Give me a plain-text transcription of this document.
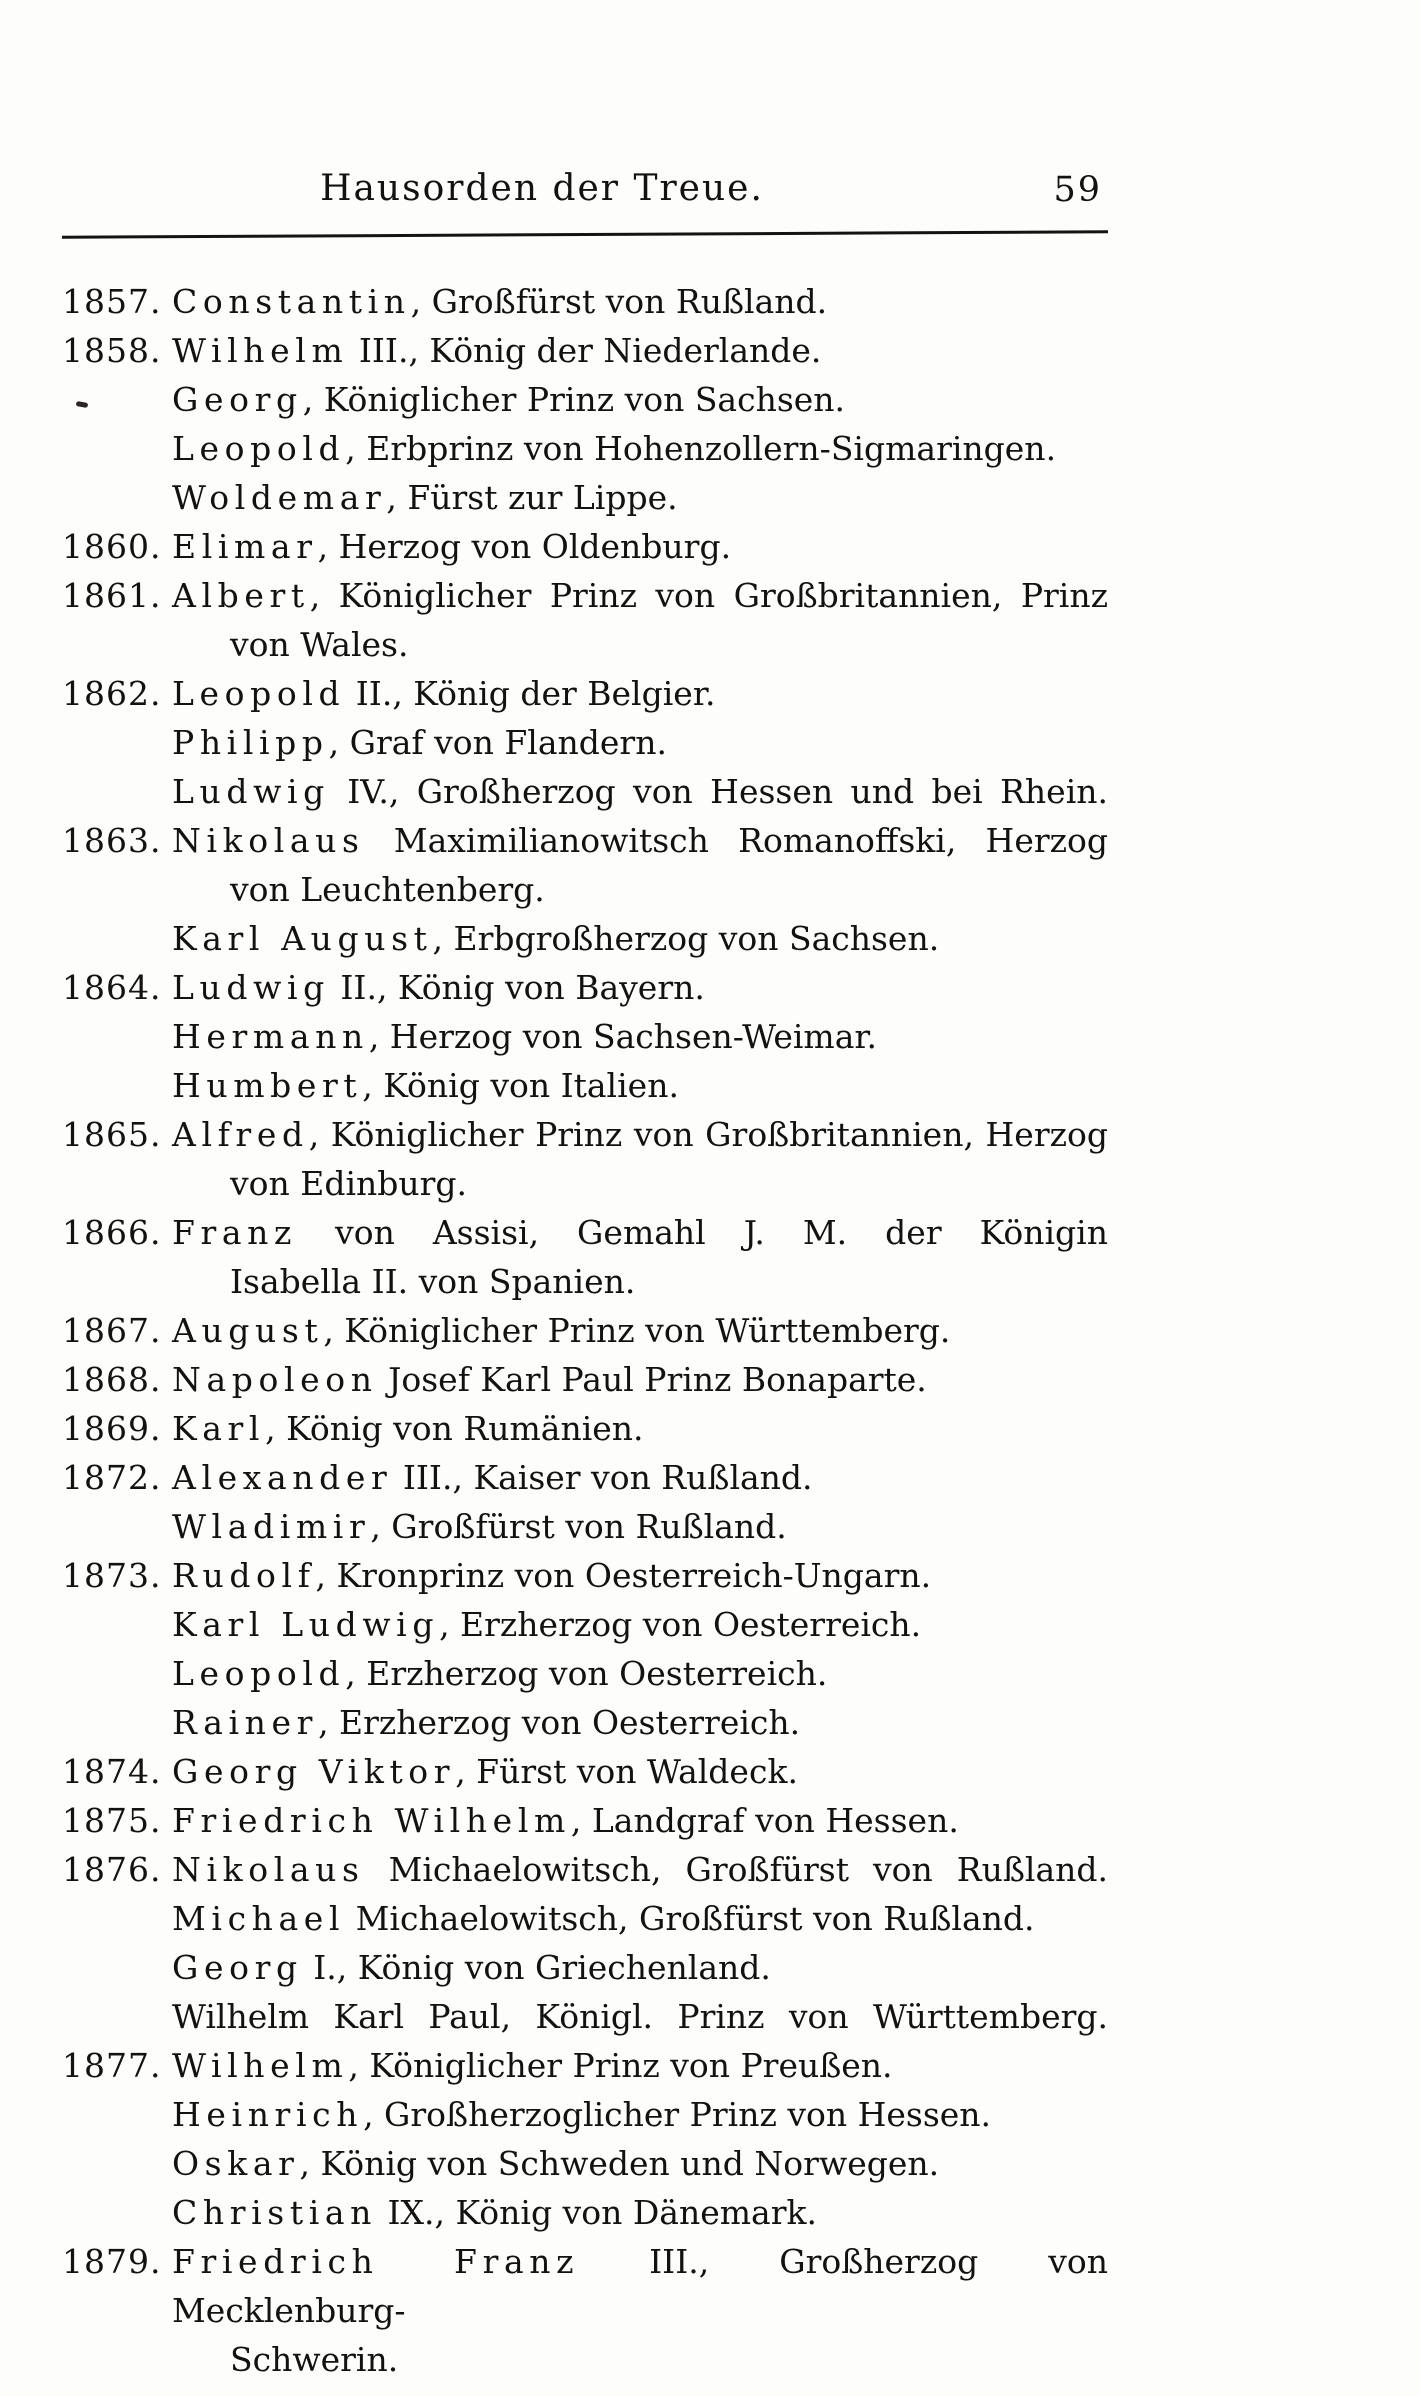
Hausorden der Treue.	59
1857. Constantin, Großfürst von Rußland.
1858. Wilhelm III., König der Niederlande.
Georg, Königlicher Prinz von Sachsen.
Leopold, Erbprinz von Hohenzollern-Sigmaringen.
Woldemar, Fürst zur Lippe.
1860. Elimar, Herzog von Oldenburg.
1861. Albert, Königlicher Prinz von Großbritannien, Prinz
von Wales.
1862. Leopold II., König der Belgier.
Philipp, Graf von Flandern.
Ludwig IV., Großherzog von Hessen und bei Rhein.
1863. Nikolaus Maximilianowitsch Romanoffski, Herzog
von Leuchtenberg.
Karl August, Erbgroßherzog von Sachsen.
1864. Ludwig II., König von Bayern.
Hermann, Herzog von Sachsen-Weimar.
Humbert, König von Italien.
1865. Alfred, Königlicher Prinz von Großbritannien, Herzog
von Edinburg.
1866. Franz von Assisi, Gemahl J. M. der Königin
Isabella II. von Spanien.
1867. August, Königlicher Prinz von Württemberg.
1868. Napoleon Josef Karl Paul Prinz Bonaparte.
1869. Karl, König von Rumänien.
1872. Alexander III., Kaiser von Rußland.
Wladimir, Großfürst von Rußland.
1873. Rudolf, Kronprinz von Oesterreich-Ungarn.
Karl Ludwig, Erzherzog von Oesterreich.
Leopold, Erzherzog von Oesterreich.
Rainer, Erzherzog von Oesterreich.
1874. Georg Viktor, Fürst von Waldeck.
1875. Friedrich Wilhelm, Landgraf von Hessen.
1876. Nikolaus Michaelowitsch, Großfürst von Rußland.
Michael Michaelowitsch, Großfürst von Rußland.
Georg I., König von Griechenland.
Wilhelm Karl Paul, Königl. Prinz von Württemberg.
1877. Wilhelm, Königlicher Prinz von Preußen.
Heinrich, Großherzoglicher Prinz von Hessen.
Oskar, König von Schweden und Norwegen.
Christian IX., König von Dänemark.
1879. Friedrich Franz III., Großherzog von Mecklenburg-
Schwerin.
